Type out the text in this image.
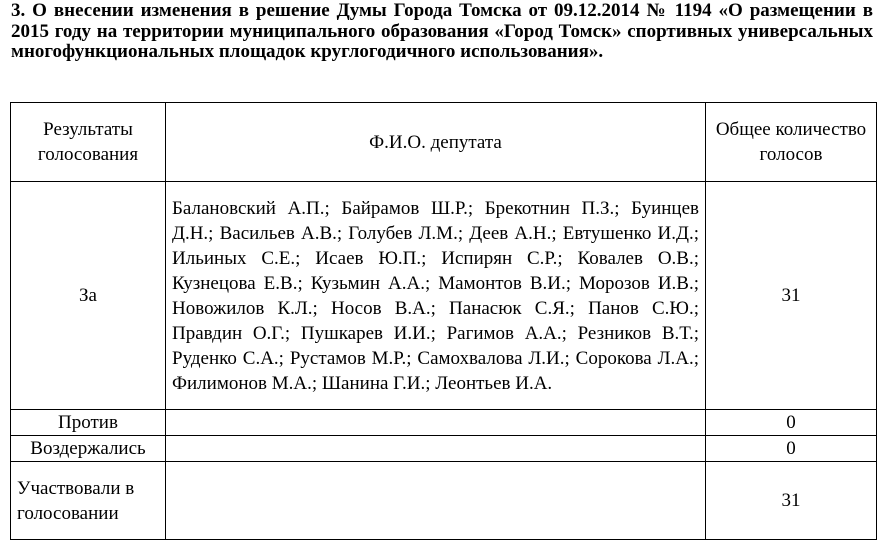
3. О внесении изменения в решение Думы Города Томска от 09.12.2014 № 1194 «О размещении в 2015 году на территории муниципального образования «Город Томск» спортивных универсальных многофункциональных площадок круглогодичного использования».

Результаты голосования	Ф.И.О. депутата	Общее количество голосов
За	Балановский А.П.; Байрамов Ш.Р.; Брекотнин П.З.; Буинцев Д.Н.; Васильев А.В.; Голубев Л.М.; Деев А.Н.; Евтушенко И.Д.; Ильиных С.Е.; Исаев Ю.П.; Испирян С.Р.; Ковалев О.В.; Кузнецова Е.В.; Кузьмин А.А.; Мамонтов В.И.; Морозов И.В.; Новожилов К.Л.; Носов В.А.; Панасюк С.Я.; Панов С.Ю.; Правдин О.Г.; Пушкарев И.И.; Рагимов А.А.; Резников В.Т.; Руденко С.А.; Рустамов М.Р.; Самохвалова Л.И.; Сорокова Л.А.; Филимонов М.А.; Шанина Г.И.; Леонтьев И.А.	31
Против		0
Воздержались		0
Участвовали в голосовании		31
